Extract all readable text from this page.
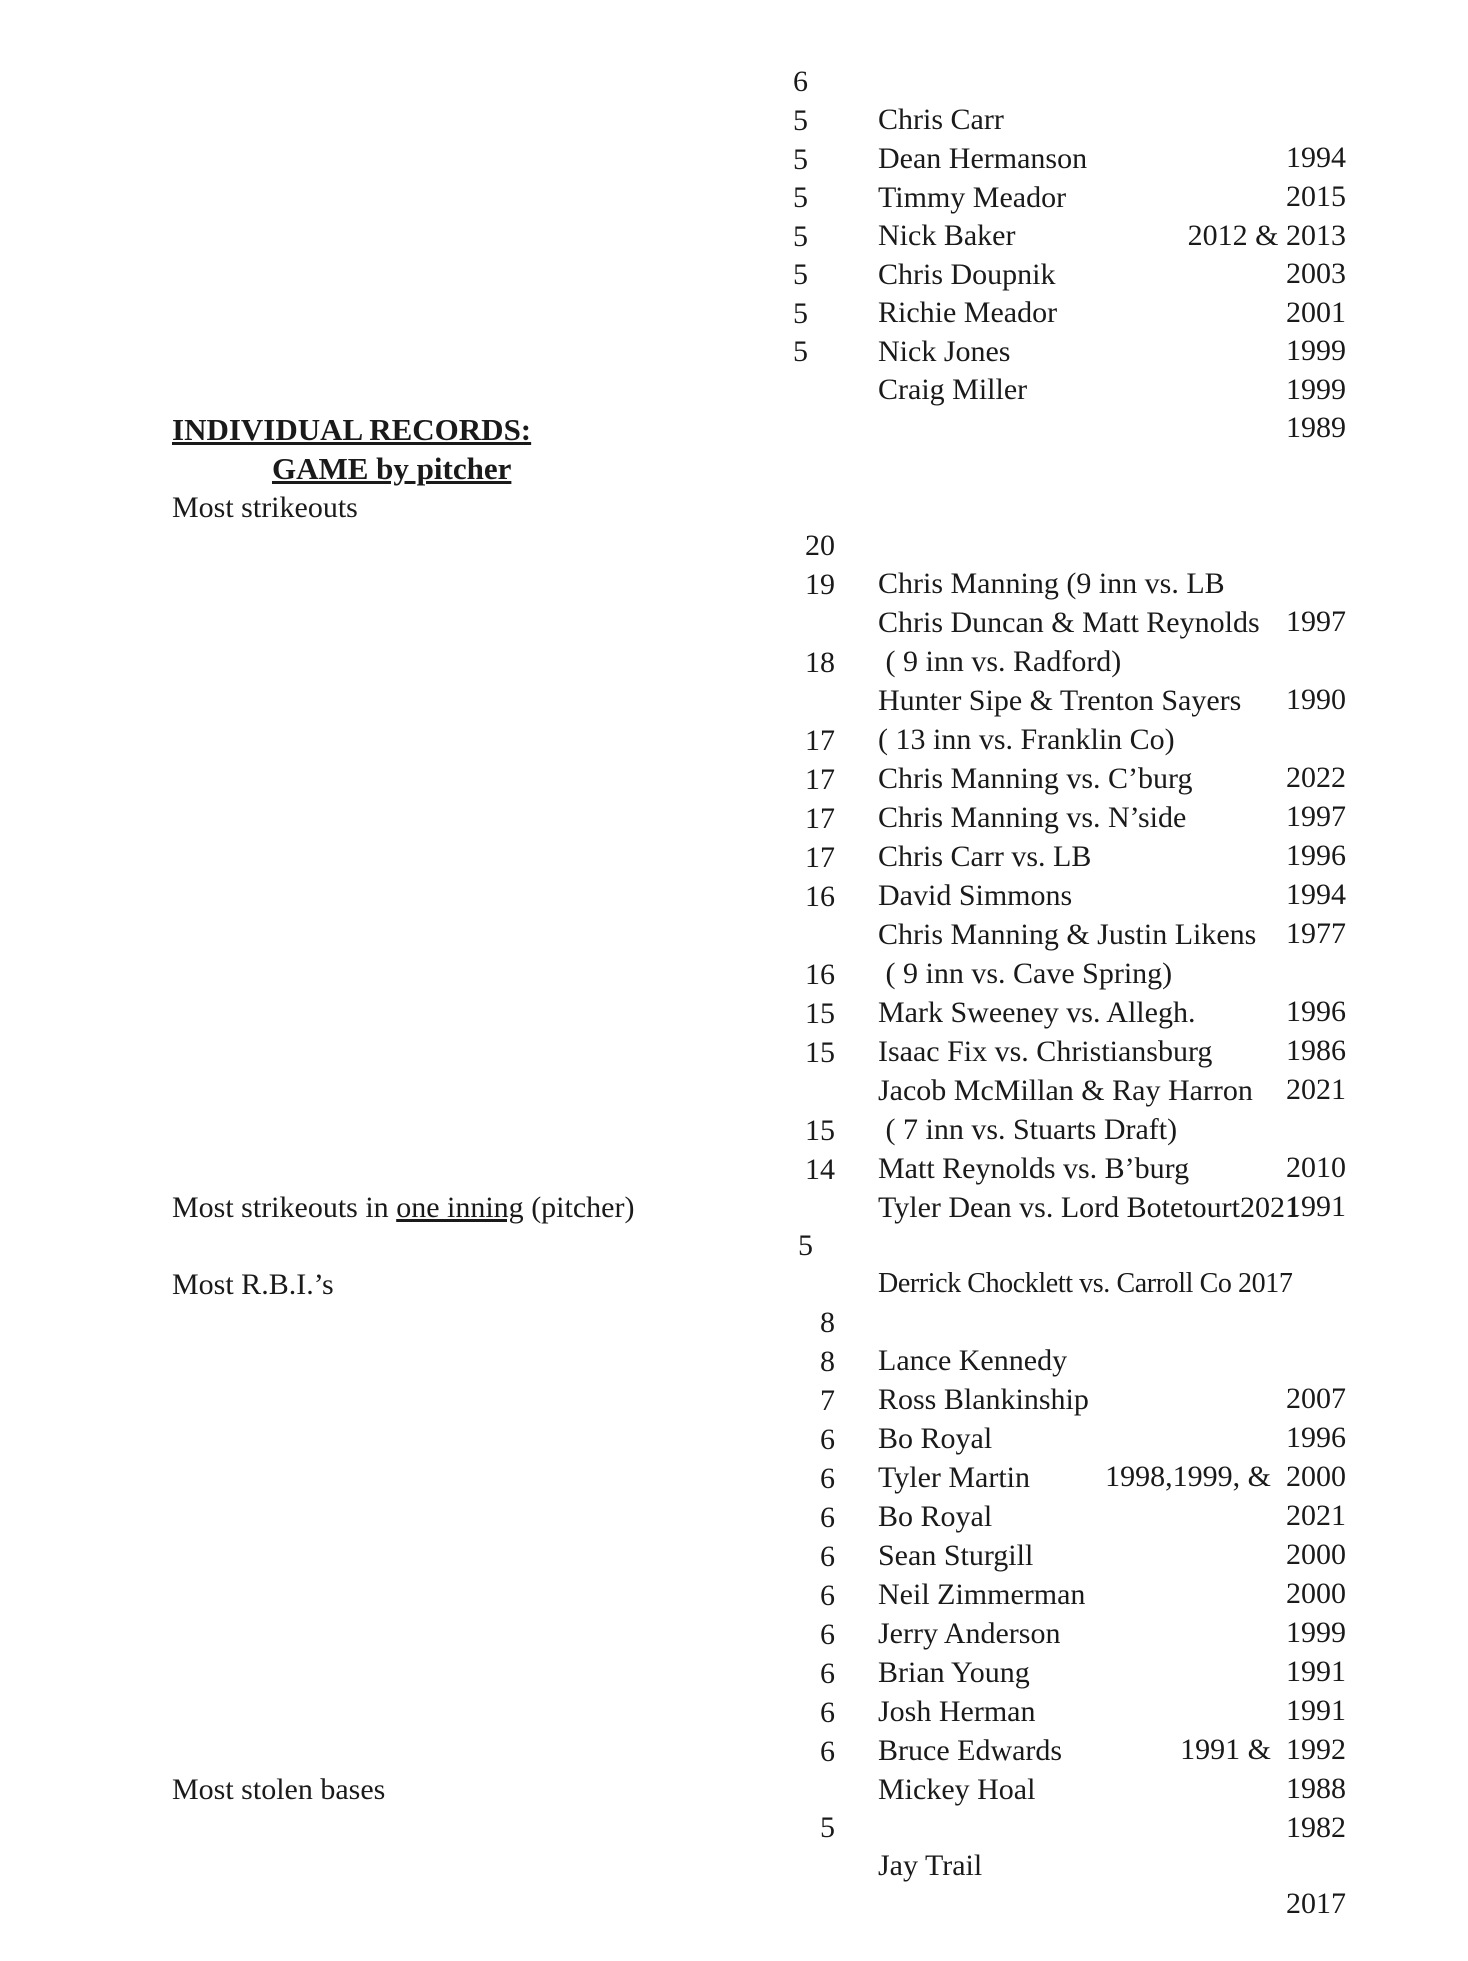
6

Chris Carr

1994

5

Dean Hermanson

2015

5

Timmy Meador

2012 & 2013

5

Nick Baker

2003

5

Chris Doupnik

2001

5

Richie Meador

1999

5

Nick Jones

1999

5

Craig Miller

1989

INDIVIDUAL RECORDS:
GAME by pitcher
Most strikeouts

20

Chris Manning (9 inn vs. LB

1997

19

Chris Duncan & Matt Reynolds

( 9 inn vs. Radford)

1990

18

Hunter Sipe & Trenton Sayers

( 13 inn vs. Franklin Co)

2022

17

Chris Manning vs. C’burg

1997

17

Chris Manning vs. N’side

1996

17

Chris Carr vs. LB

1994

17

David Simmons

1977

16

Chris Manning & Justin Likens

( 9 inn vs. Cave Spring)

1996

16

Mark Sweeney vs. Allegh.

1986

15

Isaac Fix vs. Christiansburg

2021

15

Jacob McMillan & Ray Harron

( 7 inn vs. Stuarts Draft)

2010

15

Matt Reynolds vs. B’burg

1991

14

Tyler Dean vs. Lord Botetourt2021

Most strikeouts in one inning (pitcher)

5

Derrick Chocklett vs. Carroll Co 2017

Most R.B.I.’s

8

Lance Kennedy

2007

8

Ross Blankinship

1996

7

Bo Royal

1998,1999, &  2000

6

Tyler Martin

2021

6

Bo Royal

2000

6

Sean Sturgill

2000

6

Neil Zimmerman

1999

6

Jerry Anderson

1991

6

Brian Young

1991

6

Josh Herman

1991 &  1992

6

Bruce Edwards

1988

6

Mickey Hoal

1982

Most stolen bases

5

Jay Trail

2017
